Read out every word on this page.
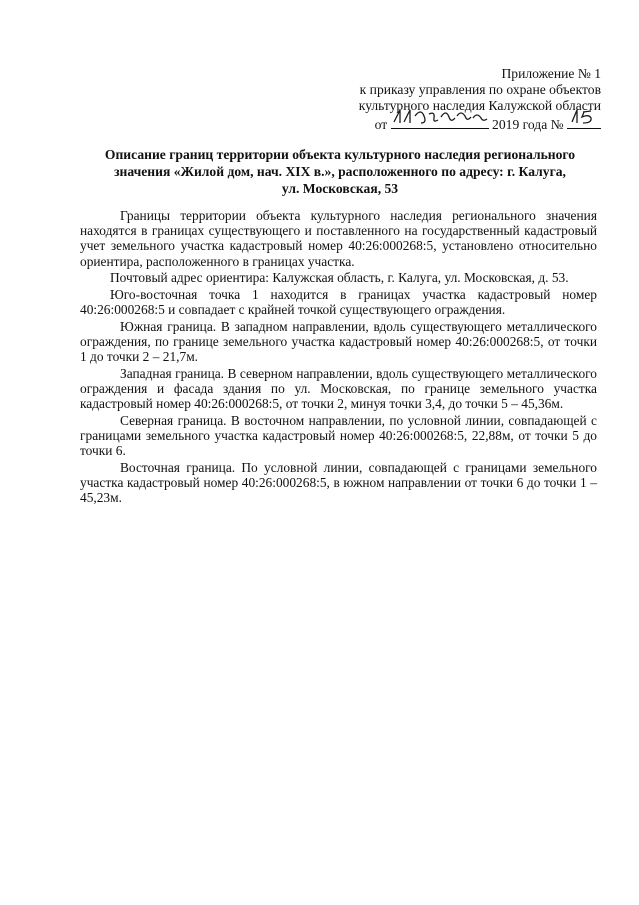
Приложение № 1
к приказу управления по охране объектов
культурного наследия Калужской области
от	2019 года №
Описание границ территории объекта культурного наследия регионального
значения «Жилой дом, нач. XIX в.», расположенного по адресу: г. Калуга,
ул. Московская, 53

Границы территории объекта культурного наследия регионального значения находятся в границах существующего и поставленного на государственный кадастровый учет земельного участка кадастровый номер 40:26:000268:5, установлено относительно ориентира, расположенного в границах участка.

Почтовый адрес ориентира: Калужская область, г. Калуга, ул. Московская, д. 53.

Юго-восточная точка 1 находится в границах участка кадастровый номер 40:26:000268:5 и совпадает с крайней точкой существующего ограждения.

Южная граница. В западном направлении, вдоль существующего металлического ограждения, по границе земельного участка кадастровый номер 40:26:000268:5, от точки 1 до точки 2 – 21,7м.

Западная граница. В северном направлении, вдоль существующего металлического ограждения и фасада здания по ул. Московская, по границе земельного участка кадастровый номер 40:26:000268:5, от точки 2, минуя точки 3,4, до точки 5 – 45,36м.

Северная граница. В восточном направлении, по условной линии, совпадающей с границами земельного участка кадастровый номер 40:26:000268:5, 22,88м, от точки 5 до точки 6.

Восточная граница. По условной линии, совпадающей с границами земельного участка кадастровый номер 40:26:000268:5, в южном направлении от точки 6 до точки 1 – 45,23м.
